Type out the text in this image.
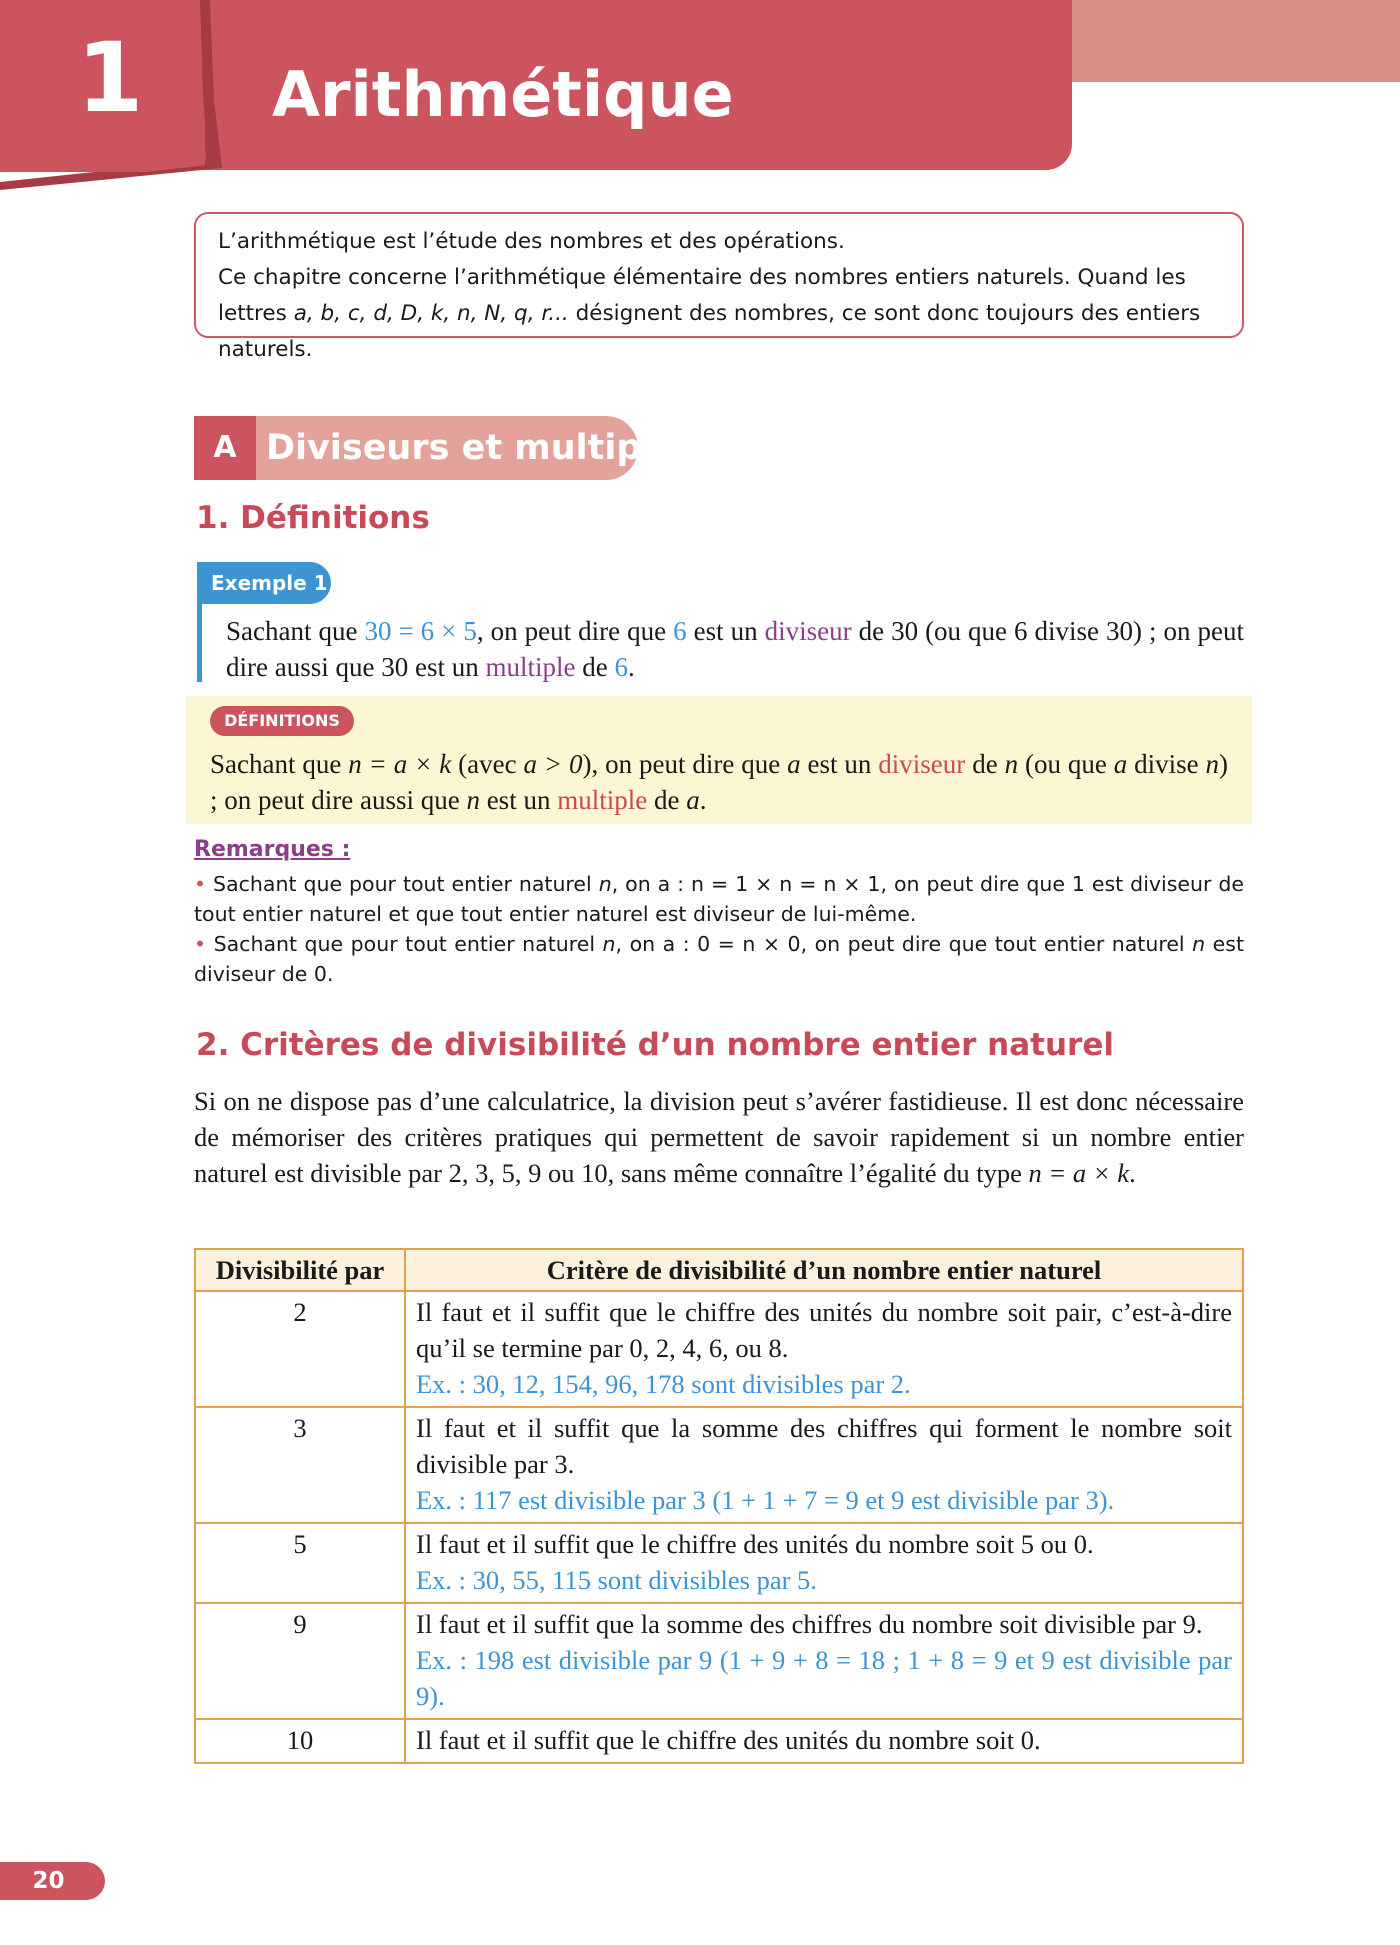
1 Arithmétique

L’arithmétique est l’étude des nombres et des opérations.

Ce chapitre concerne l’arithmétique élémentaire des nombres entiers naturels. Quand les lettres a, b, c, d, D, k, n, N, q, r... désignent des nombres, ce sont donc toujours des entiers naturels.

A Diviseurs et multiples
1. Définitions
Exemple 1
Sachant que 30 = 6 × 5, on peut dire que 6 est un diviseur de 30 (ou que 6 divise 30) ; on peut dire aussi que 30 est un multiple de 6.
DÉFINITIONS
Sachant que n = a × k (avec a > 0), on peut dire que a est un diviseur de n (ou que a divise n) ; on peut dire aussi que n est un multiple de a.
Remarques :

• Sachant que pour tout entier naturel n, on a : n = 1 × n = n × 1, on peut dire que 1 est diviseur de tout entier naturel et que tout entier naturel est diviseur de lui-même.

• Sachant que pour tout entier naturel n, on a : 0 = n × 0, on peut dire que tout entier naturel n est diviseur de 0.

2. Critères de divisibilité d’un nombre entier naturel
Si on ne dispose pas d’une calculatrice, la division peut s’avérer fastidieuse. Il est donc nécessaire de mémoriser des critères pratiques qui permettent de savoir rapidement si un nombre entier naturel est divisible par 2, 3, 5, 9 ou 10, sans même connaître l’égalité du type n = a × k.
Divisibilité par	Critère de divisibilité d’un nombre entier naturel
2	Il faut et il suffit que le chiffre des unités du nombre soit pair, c’est-à-dire qu’il se termine par 0, 2, 4, 6, ou 8.
Ex. : 30, 12, 154, 96, 178 sont divisibles par 2.

3	Il faut et il suffit que la somme des chiffres qui forment le nombre soit divisible par 3.
Ex. : 117 est divisible par 3 (1 + 1 + 7 = 9 et 9 est divisible par 3).

5	Il faut et il suffit que le chiffre des unités du nombre soit 5 ou 0.
Ex. : 30, 55, 115 sont divisibles par 5.

9	Il faut et il suffit que la somme des chiffres du nombre soit divisible par 9.
Ex. : 198 est divisible par 9 (1 + 9 + 8 = 18 ; 1 + 8 = 9 et 9 est divisible par 9).

10	Il faut et il suffit que le chiffre des unités du nombre soit 0.
20
